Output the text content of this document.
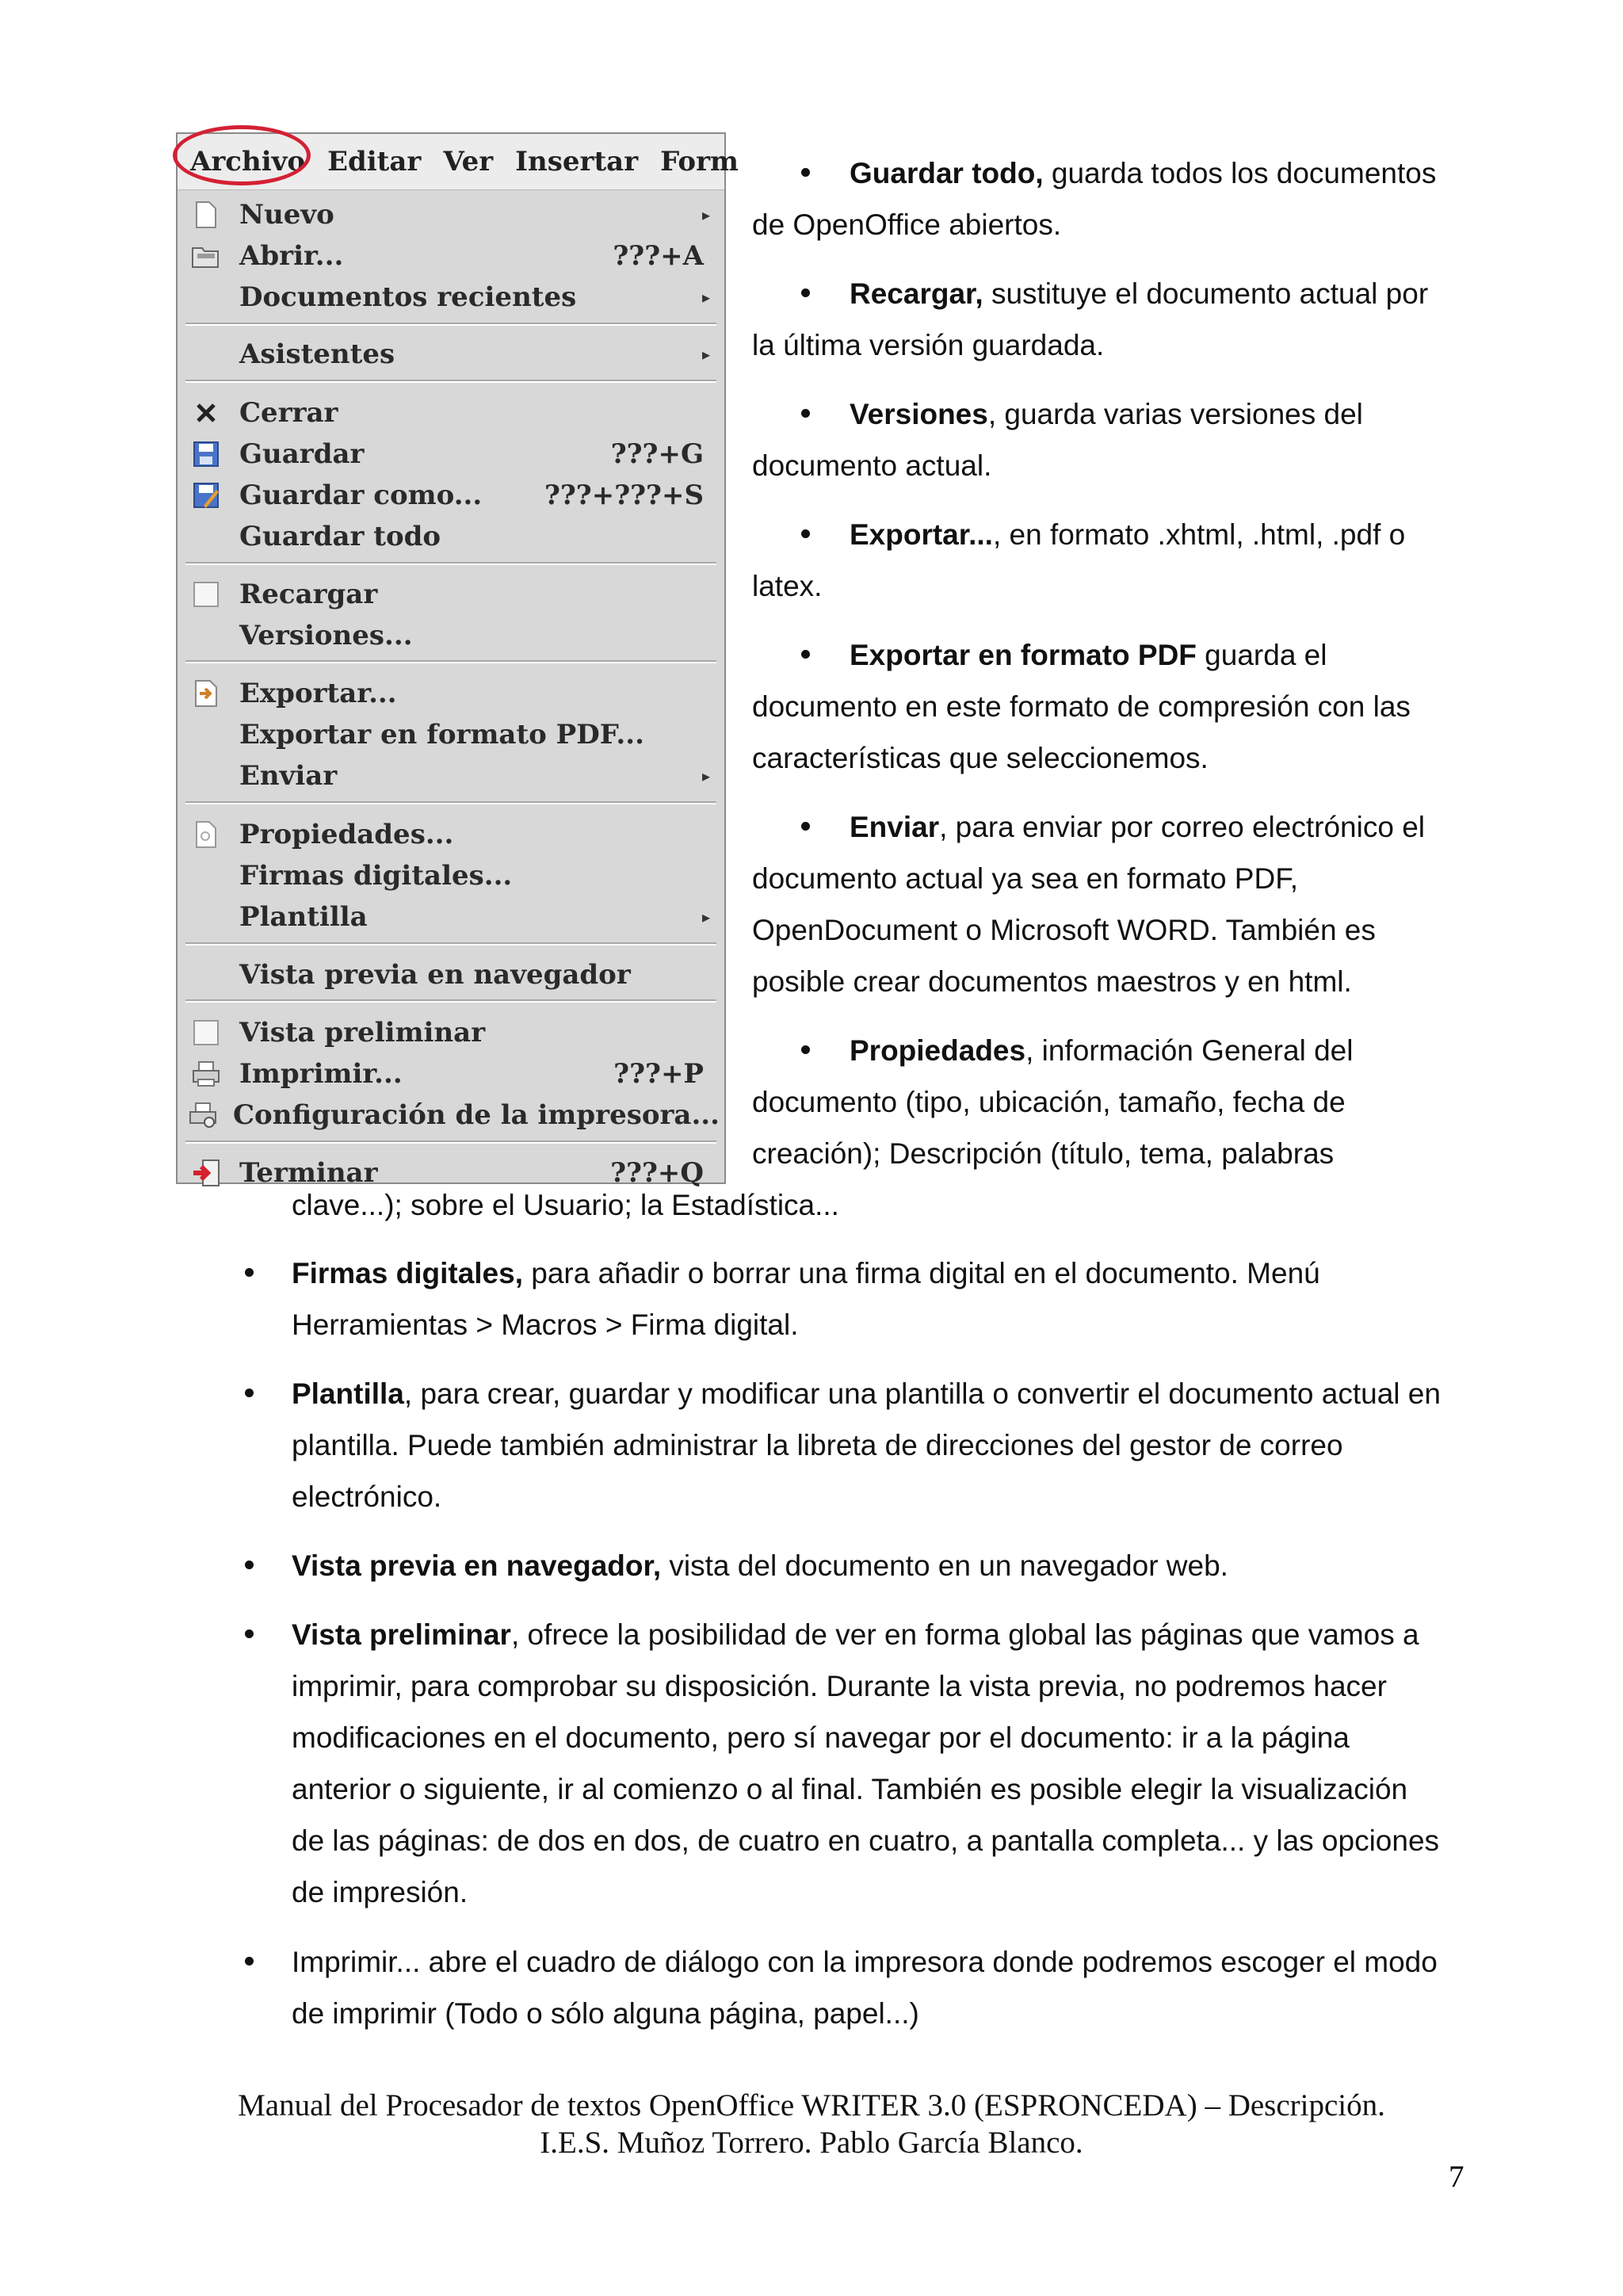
Archivo Editar Ver Insertar Form
Nuevo	▸
Abrir...	???+A
Documentos recientes	▸
Asistentes	▸
Cerrar
Guardar	???+G
Guardar como... ???+???+S
Guardar todo
Recargar
Versiones...
Exportar...
Exportar en formato PDF...
Enviar	▸
Propiedades...
Firmas digitales...
Plantilla	▸
Vista previa en navegador
Vista preliminar
Imprimir...	???+P
Configuración de la impresora...
Terminar	???+Q
Guardar todo, guarda todos los documentos
de OpenOffice abiertos.
Recargar, sustituye el documento actual por
la última versión guardada.
Versiones, guarda varias versiones del
documento actual.
Exportar..., en formato .xhtml, .html, .pdf o
latex.
Exportar en formato PDF guarda el
documento en este formato de compresión con las
características que seleccionemos.
Enviar, para enviar por correo electrónico el
documento actual ya sea en formato PDF,
OpenDocument o Microsoft WORD. También es
posible crear documentos maestros y en html.
Propiedades, información General del
documento (tipo, ubicación, tamaño, fecha de
creación); Descripción (título, tema, palabras
clave...); sobre el Usuario; la Estadística...
Firmas digitales, para añadir o borrar una firma digital en el documento. Menú
Herramientas > Macros > Firma digital.
Plantilla, para crear, guardar y modificar una plantilla o convertir el documento actual en
plantilla. Puede también administrar la libreta de direcciones del gestor de correo
electrónico.
Vista previa en navegador, vista del documento en un navegador web.
Vista preliminar, ofrece la posibilidad de ver en forma global las páginas que vamos a
imprimir, para comprobar su disposición. Durante la vista previa, no podremos hacer
modificaciones en el documento, pero sí navegar por el documento: ir a la página
anterior o siguiente, ir al comienzo o al final. También es posible elegir la visualización
de las páginas: de dos en dos, de cuatro en cuatro, a pantalla completa... y las opciones
de impresión.
Imprimir... abre el cuadro de diálogo con la impresora donde podremos escoger el modo
de imprimir (Todo o sólo alguna página, papel...)
Manual del Procesador de textos OpenOffice WRITER 3.0 (ESPRONCEDA) – Descripción.
I.E.S. Muñoz Torrero. Pablo García Blanco.
7
